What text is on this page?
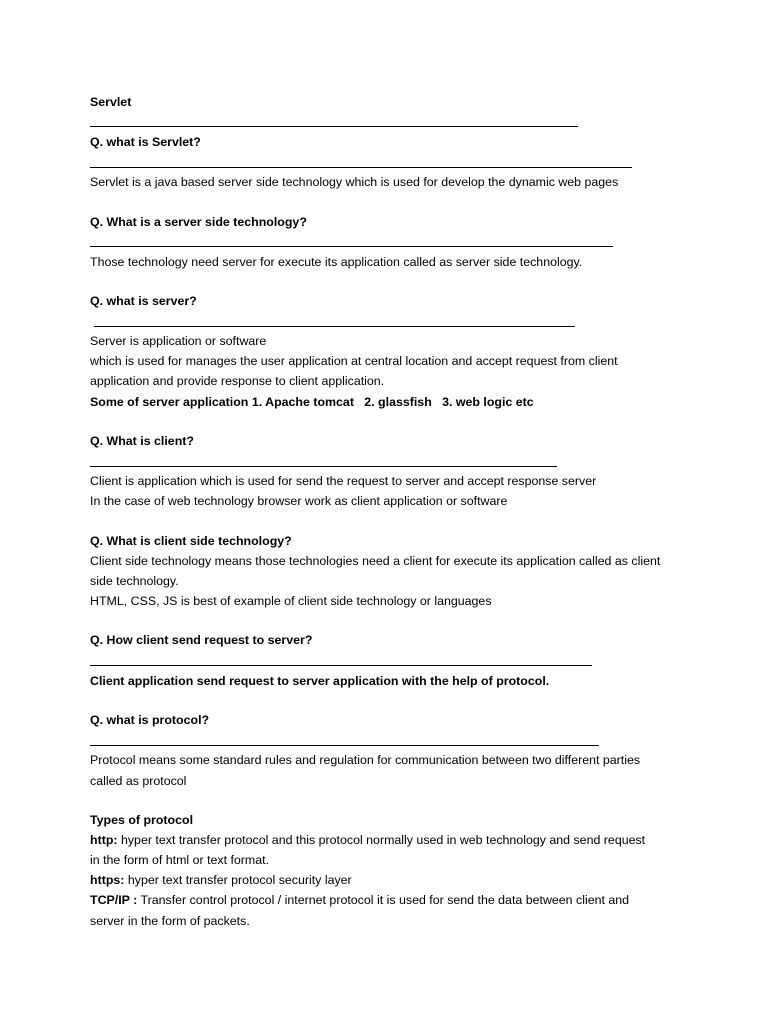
Servlet
Q. what is Servlet?
Servlet is a java based server side technology which is used for develop the dynamic web pages
Q. What is a server side technology?
Those technology need server for execute its application called as server side technology.
Q. what is server?
Server is application or software
which is used for manages the user application at central location and accept request from client
application and provide response to client application.
Some of server application 1. Apache tomcat   2. glassfish   3. web logic etc
Q. What is client?
Client is application which is used for send the request to server and accept response server
In the case of web technology browser work as client application or software
Q. What is client side technology?
Client side technology means those technologies need a client for execute its application called as client
side technology.
HTML, CSS, JS is best of example of client side technology or languages
Q. How client send request to server?
Client application send request to server application with the help of protocol.
Q. what is protocol?
Protocol means some standard rules and regulation for communication between two different parties
called as protocol
Types of protocol
http: hyper text transfer protocol and this protocol normally used in web technology and send request
in the form of html or text format.
https: hyper text transfer protocol security layer
TCP/IP : Transfer control protocol / internet protocol it is used for send the data between client and
server in the form of packets.
